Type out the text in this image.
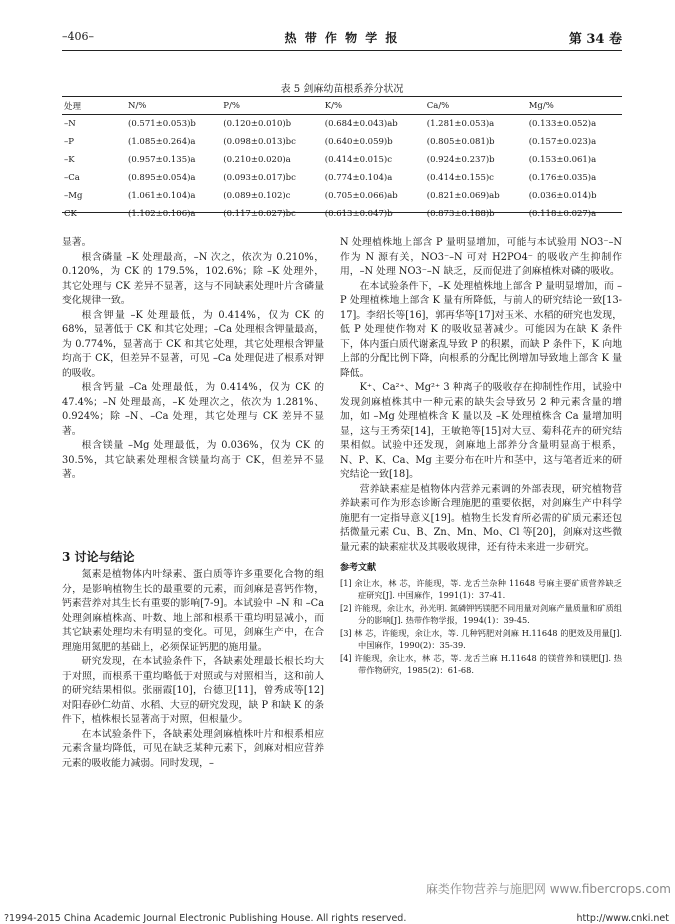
–406–	热 带 作 物 学 报	第 34 卷
表 5 剑麻幼苗根系养分状况
处理	N/%	P/%	K/%	Ca/%	Mg/%
–N	(0.571±0.053)b	(0.120±0.010)b	(0.684±0.043)ab	(1.281±0.053)a	(0.133±0.052)a
–P	(1.085±0.264)a	(0.098±0.013)bc	(0.640±0.059)b	(0.805±0.081)b	(0.157±0.023)a
–K	(0.957±0.135)a	(0.210±0.020)a	(0.414±0.015)c	(0.924±0.237)b	(0.153±0.061)a
–Ca	(0.895±0.054)a	(0.093±0.017)bc	(0.774±0.104)a	(0.414±0.155)c	(0.176±0.035)a
–Mg	(1.061±0.104)a	(0.089±0.102)c	(0.705±0.066)ab	(0.821±0.069)ab	(0.036±0.014)b
CK	(1.102±0.106)a	(0.117±0.027)bc	(0.613±0.047)b	(0.873±0.188)b	(0.118±0.027)a

显著。

根含磷量 –K 处理最高，–N 次之，依次为 0.210%，0.120%，为 CK 的 179.5%，102.6%；除 –K 处理外，其它处理与 CK 差异不显著，这与不同缺素处理叶片含磷量变化规律一致。

根含钾量 –K 处理最低，为 0.414%，仅为 CK 的 68%，显著低于 CK 和其它处理；–Ca 处理根含钾量最高，为 0.774%，显著高于 CK 和其它处理，其它处理根含钾量均高于 CK，但差异不显著，可见 –Ca 处理促进了根系对钾的吸收。

根含钙量 –Ca 处理最低，为 0.414%，仅为 CK 的 47.4%；–N 处理最高，–K 处理次之，依次为 1.281%、0.924%；除 –N、–Ca 处理，其它处理与 CK 差异不显著。

根含镁量 –Mg 处理最低，为 0.036%，仅为 CK 的 30.5%，其它缺素处理根含镁量均高于 CK，但差异不显著。

3 讨论与结论

氮素是植物体内叶绿素、蛋白质等许多重要化合物的组分，是影响植物生长的最重要的元素，而剑麻是喜钙作物，钙素营养对其生长有重要的影响[7-9]。本试验中 –N 和 –Ca 处理剑麻植株高、叶数、地上部和根系干重均明显减小，而其它缺素处理均未有明显的变化。可见，剑麻生产中，在合理施用氮肥的基础上，必须保证钙肥的施用量。

研究发现，在本试验条件下，各缺素处理最长根长均大于对照，而根系干重均略低于对照或与对照相当，这和前人的研究结果相似。张丽霞[10]，台德卫[11]，曾秀成等[12]对阳春砂仁幼苗、水稻、大豆的研究发现，缺 P 和缺 K 的条件下，植株根长显著高于对照，但根量少。

在本试验条件下，各缺素处理剑麻植株叶片和根系相应元素含量均降低，可见在缺乏某种元素下，剑麻对相应营养元素的吸收能力减弱。同时发现，–

N 处理植株地上部含 P 量明显增加，可能与本试验用 NO3⁻–N 作为 N 源有关，NO3⁻–N 可对 H2PO4⁻ 的吸收产生抑制作用，–N 处理 NO3⁻–N 缺乏，反而促进了剑麻植株对磷的吸收。

在本试验条件下，–K 处理植株地上部含 P 量明显增加，而 –P 处理植株地上部含 K 量有所降低，与前人的研究结论一致[13-17]。李绍长等[16]，郭再华等[17]对玉米、水稻的研究也发现，低 P 处理使作物对 K 的吸收显著减少。可能因为在缺 K 条件下，体内蛋白质代谢紊乱导致 P 的积累，而缺 P 条件下，K 向地上部的分配比例下降，向根系的分配比例增加导致地上部含 K 量降低。

K⁺、Ca²⁺、Mg²⁺ 3 种离子的吸收存在抑制性作用，试验中发现剑麻植株其中一种元素的缺失会导致另 2 种元素含量的增加，如 –Mg 处理植株含 K 量以及 –K 处理植株含 Ca 量增加明显，这与王秀荣[14]，王敏艳等[15]对大豆、菊科花卉的研究结果相似。试验中还发现，剑麻地上部养分含量明显高于根系，N、P、K、Ca、Mg 主要分布在叶片和茎中，这与笔者近来的研究结论一致[18]。

营养缺素症是植物体内营养元素调的外部表现，研究植物营养缺素可作为形态诊断合理施肥的重要依据，对剑麻生产中科学施肥有一定指导意义[19]。植物生长发育所必需的矿质元素还包括微量元素 Cu、B、Zn、Mn、Mo、Cl 等[20]，剑麻对这些微量元素的缺素症状及其吸收规律，还有待未来进一步研究。

参考文献
[1] 余让水，林 芯，许能现，等. 龙舌兰杂种 11648 号麻主要矿质营养缺乏症研究[J]. 中国麻作，1991(1)：37-41.
[2] 许能现，余让水，孙光明. 氮磷钾钙镁肥不同用量对剑麻产量质量和矿质组分的影响[J]. 热带作物学报，1994(1)：39-45.
[3] 林 芯，许能现，余让水，等. 几种钙肥对剑麻 H.11648 的肥效及用量[J]. 中国麻作，1990(2)：35-39.
[4] 许能现，余让水，林 芯，等. 龙舌兰麻 H.11648 的镁营养和镁肥[J]. 热带作物研究，1985(2)：61-68.
麻类作物营养与施肥网 www.fibercrops.com
?1994-2015 China Academic Journal Electronic Publishing House. All rights reserved.	http://www.cnki.net
